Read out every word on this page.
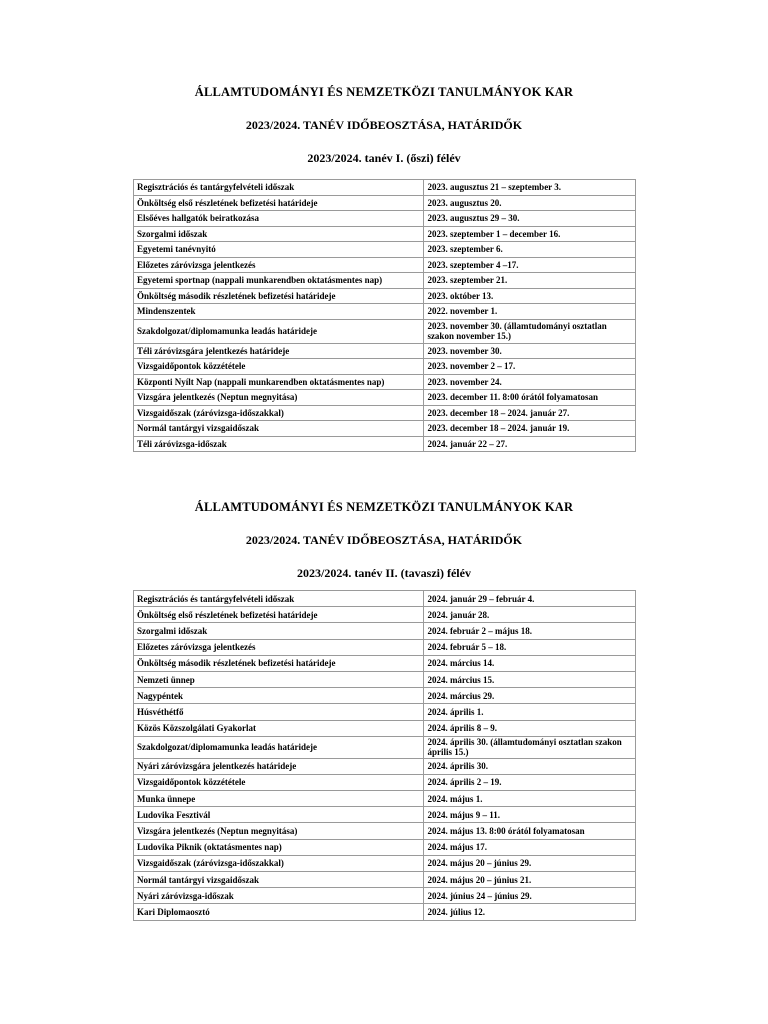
ÁLLAMTUDOMÁNYI ÉS NEMZETKÖZI TANULMÁNYOK KAR

2023/2024. TANÉV IDŐBEOSZTÁSA, HATÁRIDŐK

2023/2024. tanév I. (őszi) félév

Regisztrációs és tantárgyfelvételi időszak	2023. augusztus 21 – szeptember 3.
Önköltség első részletének befizetési határideje	2023. augusztus 20.
Elsőéves hallgatók beiratkozása	2023. augusztus 29 – 30.
Szorgalmi időszak	2023. szeptember 1 – december 16.
Egyetemi tanévnyitó	2023. szeptember 6.
Előzetes záróvizsga jelentkezés	2023. szeptember 4 –17.
Egyetemi sportnap (nappali munkarendben oktatásmentes nap)	2023. szeptember 21.
Önköltség második részletének befizetési határideje	2023. október 13.
Mindenszentek	2022. november 1.
Szakdolgozat/diplomamunka leadás határideje	2023. november 30. (államtudományi osztatlan szakon november 15.)
Téli záróvizsgára jelentkezés határideje	2023. november 30.
Vizsgaidőpontok közzététele	2023. november 2 – 17.
Központi Nyílt Nap (nappali munkarendben oktatásmentes nap)	2023. november 24.
Vizsgára jelentkezés (Neptun megnyitása)	2023. december 11. 8:00 órától folyamatosan
Vizsgaidőszak (záróvizsga-időszakkal)	2023. december 18 – 2024. január 27.
Normál tantárgyi vizsgaidőszak	2023. december 18 – 2024. január 19.
Téli záróvizsga-időszak	2024. január 22 – 27.

ÁLLAMTUDOMÁNYI ÉS NEMZETKÖZI TANULMÁNYOK KAR

2023/2024. TANÉV IDŐBEOSZTÁSA, HATÁRIDŐK

2023/2024. tanév II. (tavaszi) félév

Regisztrációs és tantárgyfelvételi időszak	2024. január 29 – február 4.
Önköltség első részletének befizetési határideje	2024. január 28.
Szorgalmi időszak	2024. február 2 – május 18.
Előzetes záróvizsga jelentkezés	2024. február 5 – 18.
Önköltség második részletének befizetési határideje	2024. március 14.
Nemzeti ünnep	2024. március 15.
Nagypéntek	2024. március 29.
Húsvéthétfő	2024. április 1.
Közös Közszolgálati Gyakorlat	2024. április 8 – 9.
Szakdolgozat/diplomamunka leadás határideje	2024. április 30. (államtudományi osztatlan szakon április 15.)
Nyári záróvizsgára jelentkezés határideje	2024. április 30.
Vizsgaidőpontok közzététele	2024. április 2 – 19.
Munka ünnepe	2024. május 1.
Ludovika Fesztivál	2024. május 9 – 11.
Vizsgára jelentkezés (Neptun megnyitása)	2024. május 13. 8:00 órától folyamatosan
Ludovika Piknik (oktatásmentes nap)	2024. május 17.
Vizsgaidőszak (záróvizsga-időszakkal)	2024. május 20 – június 29.
Normál tantárgyi vizsgaidőszak	2024. május 20 – június 21.
Nyári záróvizsga-időszak	2024. június 24 – június 29.
Kari Diplomaosztó	2024. július 12.
